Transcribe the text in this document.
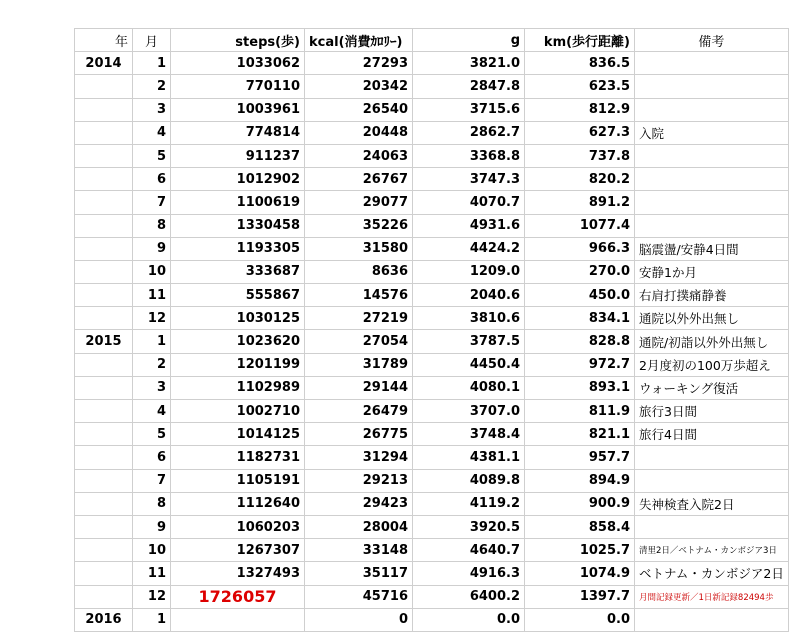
年	月	steps(歩)	kcal(消費ｶﾛﾘｰ)	g	km(歩行距離)	備考
2014	1	1033062	27293	3821.0	836.5	
	2	770110	20342	2847.8	623.5	
	3	1003961	26540	3715.6	812.9	
	4	774814	20448	2862.7	627.3	入院
	5	911237	24063	3368.8	737.8	
	6	1012902	26767	3747.3	820.2	
	7	1100619	29077	4070.7	891.2	
	8	1330458	35226	4931.6	1077.4	
	9	1193305	31580	4424.2	966.3	脳震盪/安静4日間
	10	333687	8636	1209.0	270.0	安静1か月
	11	555867	14576	2040.6	450.0	右肩打撲痛静養
	12	1030125	27219	3810.6	834.1	通院以外外出無し
2015	1	1023620	27054	3787.5	828.8	通院/初詣以外外出無し
	2	1201199	31789	4450.4	972.7	2月度初の100万歩超え
	3	1102989	29144	4080.1	893.1	ウォーキング復活
	4	1002710	26479	3707.0	811.9	旅行3日間
	5	1014125	26775	3748.4	821.1	旅行4日間
	6	1182731	31294	4381.1	957.7	
	7	1105191	29213	4089.8	894.9	
	8	1112640	29423	4119.2	900.9	失神検査入院2日
	9	1060203	28004	3920.5	858.4	
	10	1267307	33148	4640.7	1025.7	清里2日／ベトナム・カンボジア3日
	11	1327493	35117	4916.3	1074.9	ベトナム・カンボジア2日
	12	1726057	45716	6400.2	1397.7	月間記録更新／1日新記録82494歩
2016	1		0	0.0	0.0	
